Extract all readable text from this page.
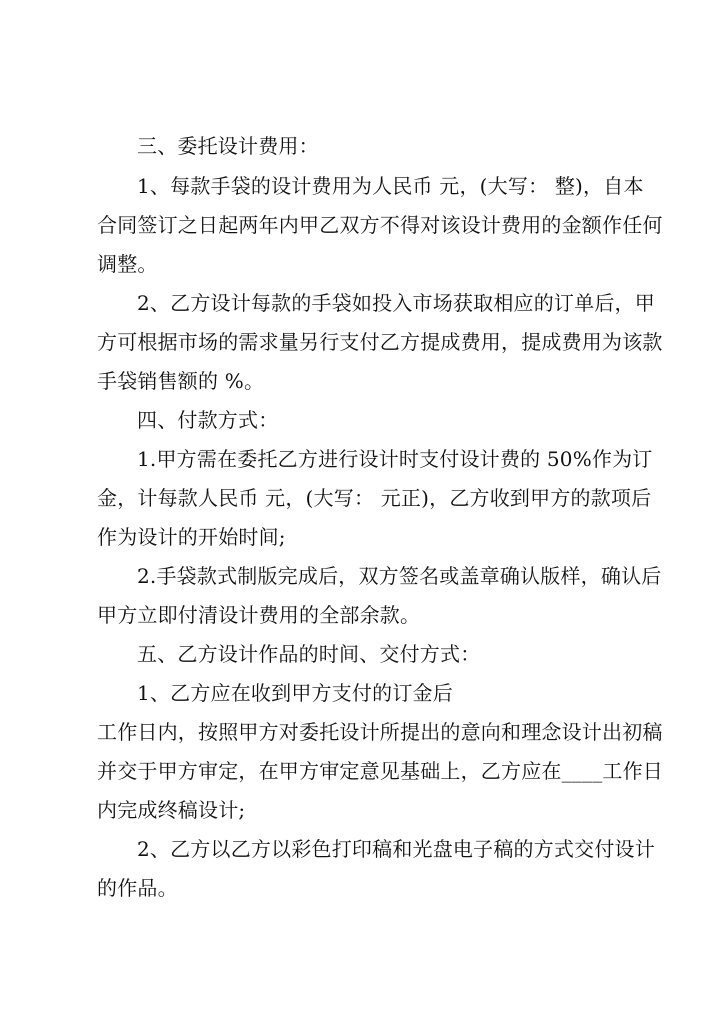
三、委托设计费用：
1、每款手袋的设计费用为人民币 元，(大写： 整)，自本
合同签订之日起两年内甲乙双方不得对该设计费用的金额作任何
调整。
2、乙方设计每款的手袋如投入市场获取相应的订单后，甲
方可根据市场的需求量另行支付乙方提成费用，提成费用为该款
手袋销售额的 %。
四、付款方式：
1.甲方需在委托乙方进行设计时支付设计费的 50%作为订
金，计每款人民币 元，(大写： 元正)，乙方收到甲方的款项后
作为设计的开始时间;
2.手袋款式制版完成后，双方签名或盖章确认版样，确认后
甲方立即付清设计费用的全部余款。
五、乙方设计作品的时间、交付方式：
1、乙方应在收到甲方支付的订金后
工作日内，按照甲方对委托设计所提出的意向和理念设计出初稿
并交于甲方审定，在甲方审定意见基础上，乙方应在____工作日
内完成终稿设计;
2、乙方以乙方以彩色打印稿和光盘电子稿的方式交付设计
的作品。
